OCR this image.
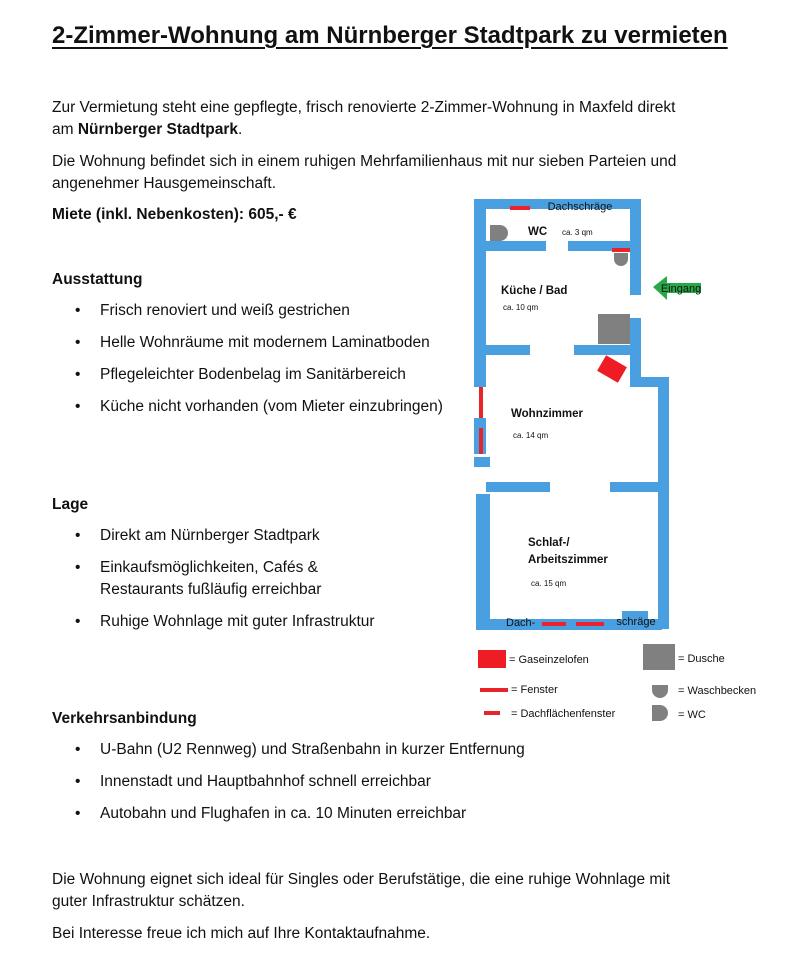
2-Zimmer-Wohnung am Nürnberger Stadtpark zu vermieten
Zur Vermietung steht eine gepflegte, frisch renovierte 2-Zimmer-Wohnung in Maxfeld direkt
am Nürnberger Stadtpark.
Die Wohnung befindet sich in einem ruhigen Mehrfamilienhaus mit nur sieben Parteien und
angenehmer Hausgemeinschaft.
Miete (inkl. Nebenkosten): 605,- €
Ausstattung
• Frisch renoviert und weiß gestrichen
• Helle Wohnräume mit modernem Laminatboden
• Pflegeleichter Bodenbelag im Sanitärbereich
• Küche nicht vorhanden (vom Mieter einzubringen)
Lage
• Direkt am Nürnberger Stadtpark
• Einkaufsmöglichkeiten, Cafés &
Restaurants fußläufig erreichbar
• Ruhige Wohnlage mit guter Infrastruktur
Verkehrsanbindung
• U-Bahn (U2 Rennweg) und Straßenbahn in kurzer Entfernung
• Innenstadt und Hauptbahnhof schnell erreichbar
• Autobahn und Flughafen in ca. 10 Minuten erreichbar
Die Wohnung eignet sich ideal für Singles oder Berufstätige, die eine ruhige Wohnlage mit
guter Infrastruktur schätzen.
Bei Interesse freue ich mich auf Ihre Kontaktaufnahme.
Eingang
Dachschräge
WC ca. 3 qm
Küche / Bad
ca. 10 qm
Wohnzimmer
ca. 14 qm
Schlaf-/
Arbeitszimmer
ca. 15 qm
Dach-	schräge
= Gaseinzelofen	= Dusche
= Fenster	= Waschbecken
= Dachflächenfenster	= WC
